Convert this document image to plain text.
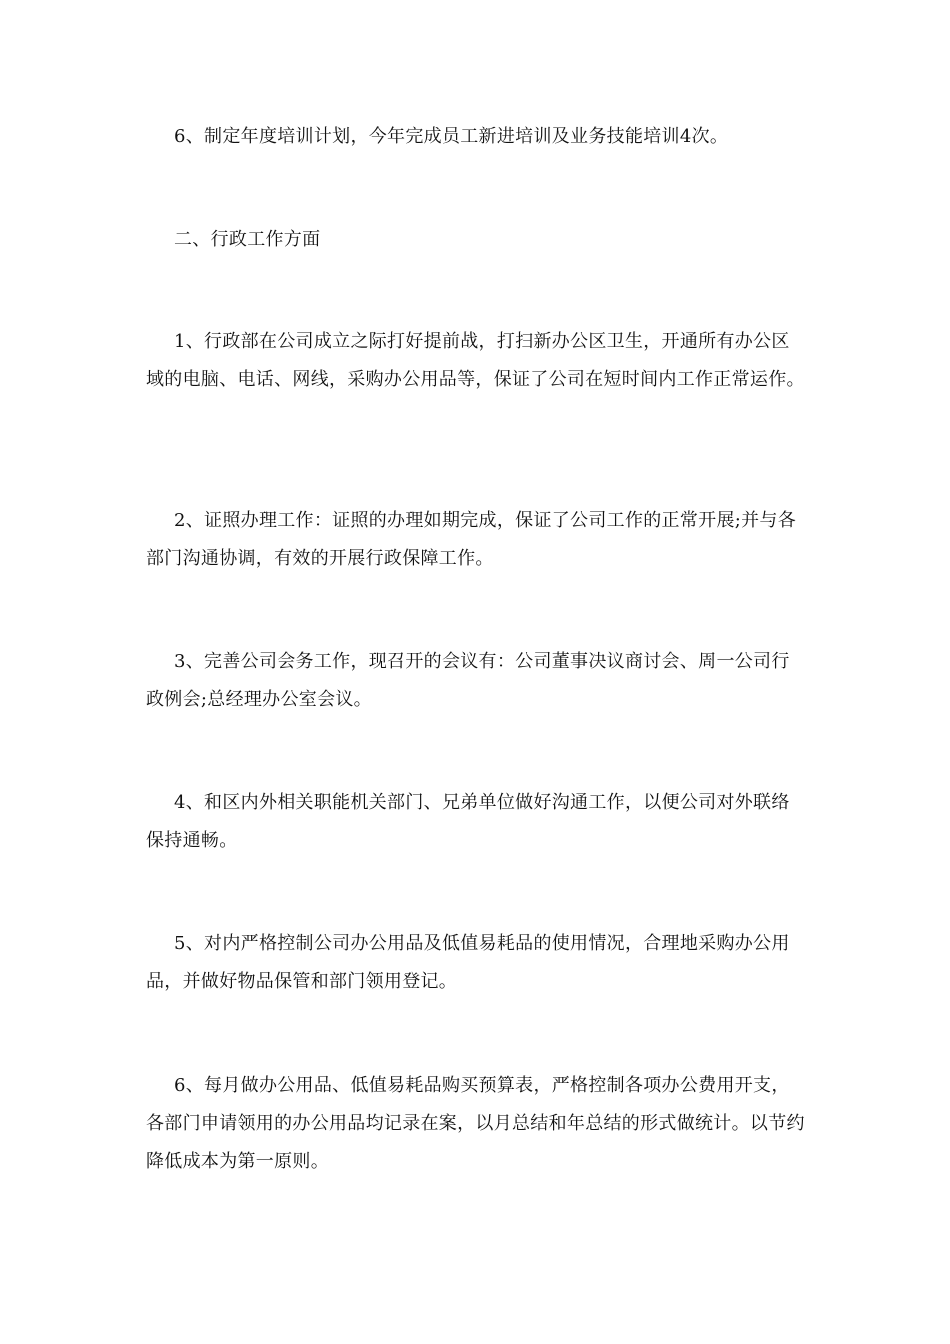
6、制定年度培训计划，今年完成员工新进培训及业务技能培训4次。

二、行政工作方面

1、行政部在公司成立之际打好提前战，打扫新办公区卫生，开通所有办公区域的电脑、电话、网线，采购办公用品等，保证了公司在短时间内工作正常运作。

2、证照办理工作：证照的办理如期完成，保证了公司工作的正常开展;并与各部门沟通协调，有效的开展行政保障工作。

3、完善公司会务工作，现召开的会议有：公司董事决议商讨会、周一公司行政例会;总经理办公室会议。

4、和区内外相关职能机关部门、兄弟单位做好沟通工作，以便公司对外联络保持通畅。

5、对内严格控制公司办公用品及低值易耗品的使用情况，合理地采购办公用品，并做好物品保管和部门领用登记。

6、每月做办公用品、低值易耗品购买预算表，严格控制各项办公费用开支，各部门申请领用的办公用品均记录在案，以月总结和年总结的形式做统计。以节约降低成本为第一原则。
